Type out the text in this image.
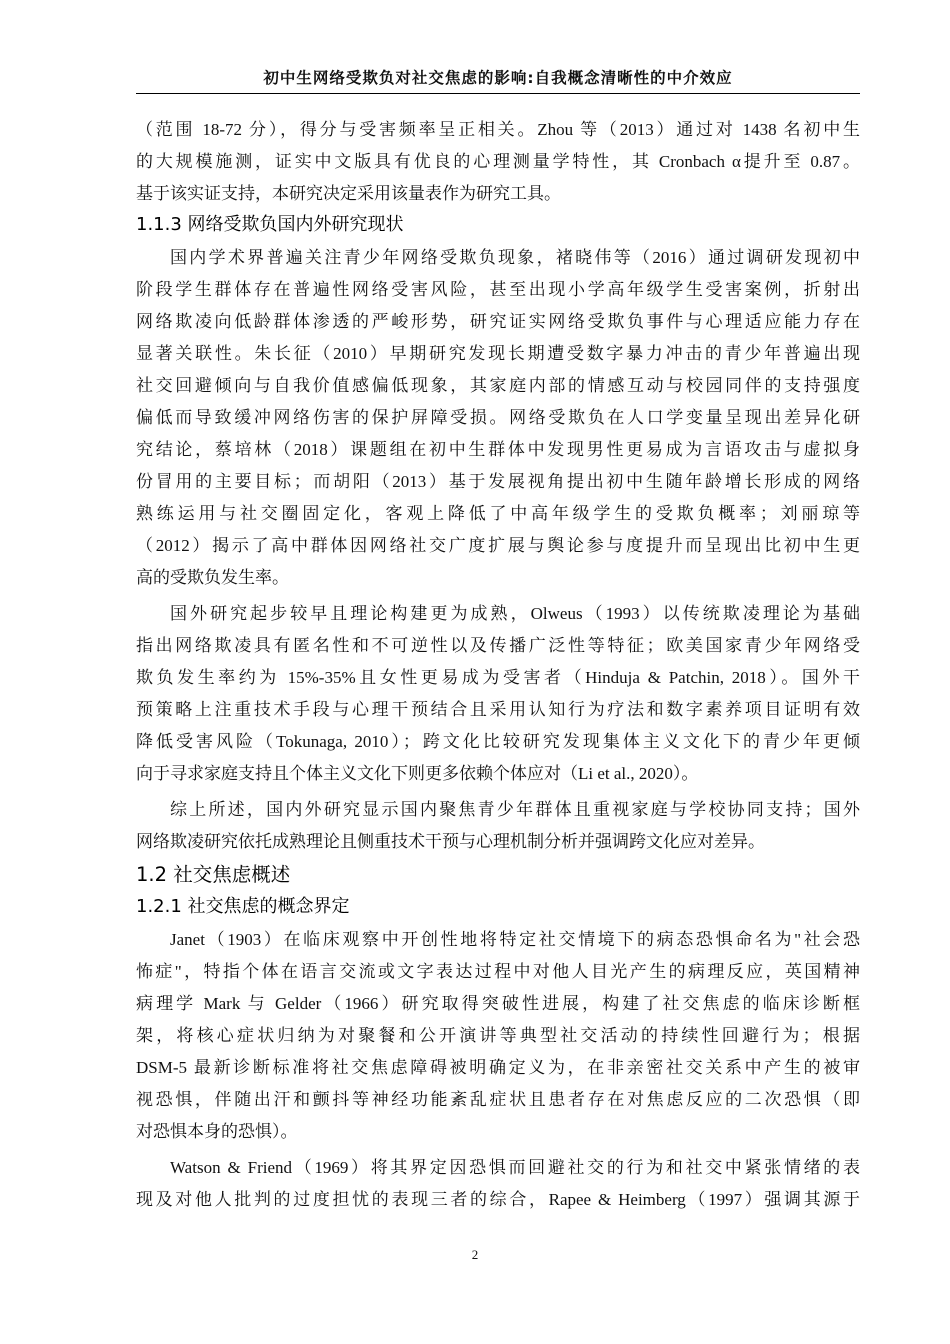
初中生网络受欺负对社交焦虑的影响:自我概念清晰性的中介效应
（范围 18-72 分），得分与受害频率呈正相关。Zhou 等（2013）通过对 1438 名初中生
的大规模施测，证实中文版具有优良的心理测量学特性，其 Cronbach α提升至 0.87。
基于该实证支持，本研究决定采用该量表作为研究工具。
1.1.3 网络受欺负国内外研究现状
国内学术界普遍关注青少年网络受欺负现象，褚晓伟等（2016）通过调研发现初中
阶段学生群体存在普遍性网络受害风险，甚至出现小学高年级学生受害案例，折射出
网络欺凌向低龄群体渗透的严峻形势，研究证实网络受欺负事件与心理适应能力存在
显著关联性。朱长征（2010）早期研究发现长期遭受数字暴力冲击的青少年普遍出现
社交回避倾向与自我价值感偏低现象，其家庭内部的情感互动与校园同伴的支持强度
偏低而导致缓冲网络伤害的保护屏障受损。网络受欺负在人口学变量呈现出差异化研
究结论，蔡培林（2018）课题组在初中生群体中发现男性更易成为言语攻击与虚拟身
份冒用的主要目标；而胡阳（2013）基于发展视角提出初中生随年龄增长形成的网络
熟练运用与社交圈固定化，客观上降低了中高年级学生的受欺负概率；刘丽琼等
（2012）揭示了高中群体因网络社交广度扩展与舆论参与度提升而呈现出比初中生更
高的受欺负发生率。
国外研究起步较早且理论构建更为成熟，Olweus（1993）以传统欺凌理论为基础
指出网络欺凌具有匿名性和不可逆性以及传播广泛性等特征；欧美国家青少年网络受
欺负发生率约为 15%-35%且女性更易成为受害者（Hinduja & Patchin, 2018）。国外干
预策略上注重技术手段与心理干预结合且采用认知行为疗法和数字素养项目证明有效
降低受害风险（Tokunaga, 2010）；跨文化比较研究发现集体主义文化下的青少年更倾
向于寻求家庭支持且个体主义文化下则更多依赖个体应对（Li et al., 2020）。
综上所述，国内外研究显示国内聚焦青少年群体且重视家庭与学校协同支持；国外
网络欺凌研究依托成熟理论且侧重技术干预与心理机制分析并强调跨文化应对差异。
1.2 社交焦虑概述
1.2.1 社交焦虑的概念界定
Janet（1903）在临床观察中开创性地将特定社交情境下的病态恐惧命名为"社会恐
怖症"，特指个体在语言交流或文字表达过程中对他人目光产生的病理反应，英国精神
病理学 Mark 与 Gelder（1966）研究取得突破性进展，构建了社交焦虑的临床诊断框
架，将核心症状归纳为对聚餐和公开演讲等典型社交活动的持续性回避行为；根据
DSM-5 最新诊断标准将社交焦虑障碍被明确定义为，在非亲密社交关系中产生的被审
视恐惧，伴随出汗和颤抖等神经功能紊乱症状且患者存在对焦虑反应的二次恐惧（即
对恐惧本身的恐惧）。
Watson & Friend（1969）将其界定因恐惧而回避社交的行为和社交中紧张情绪的表
现及对他人批判的过度担忧的表现三者的综合，Rapee & Heimberg（1997）强调其源于
2
